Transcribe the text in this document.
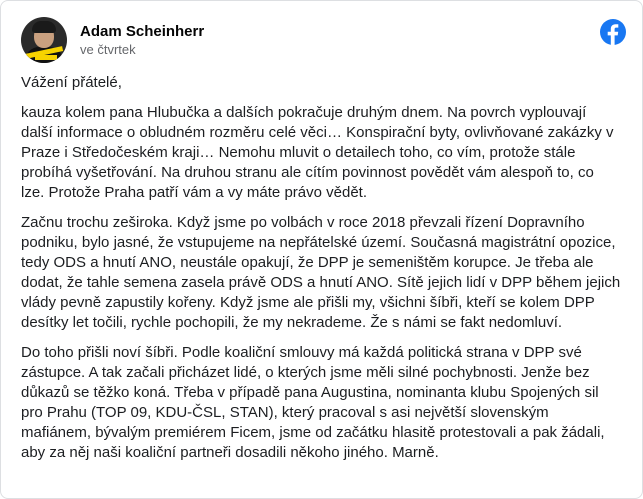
Adam Scheinherr
ve čtvrtek

Vážení přátelé,

kauza kolem pana Hlubučka a dalších pokračuje druhým dnem. Na povrch vyplouvají další informace o obludném rozměru celé věci… Konspirační byty, ovlivňované zakázky v Praze i Středočeském kraji… Nemohu mluvit o detailech toho, co vím, protože stále probíhá vyšetřování. Na druhou stranu ale cítím povinnost povědět vám alespoň to, co lze. Protože Praha patří vám a vy máte právo vědět.

Začnu trochu zeširoka. Když jsme po volbách v roce 2018 převzali řízení Dopravního podniku, bylo jasné, že vstupujeme na nepřátelské území. Současná magistrátní opozice, tedy ODS a hnutí ANO, neustále opakují, že DPP je semeništěm korupce. Je třeba ale dodat, že tahle semena zasela právě ODS a hnutí ANO. Sítě jejich lidí v DPP během jejich vlády pevně zapustily kořeny. Když jsme ale přišli my, všichni šíbři, kteří se kolem DPP desítky let točili, rychle pochopili, že my nekrademe. Že s námi se fakt nedomluví.

Do toho přišli noví šíbři. Podle koaliční smlouvy má každá politická strana v DPP své zástupce. A tak začali přicházet lidé, o kterých jsme měli silné pochybnosti. Jenže bez důkazů se těžko koná. Třeba v případě pana Augustina, nominanta klubu Spojených sil pro Prahu (TOP 09, KDU-ČSL, STAN), který pracoval s asi největší slovenským mafiánem, bývalým premiérem Ficem, jsme od začátku hlasitě protestovali a pak žádali, aby za něj naši koaliční partneři dosadili někoho jiného. Marně.
